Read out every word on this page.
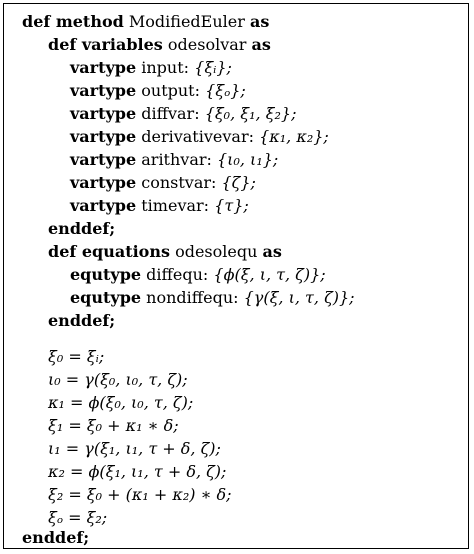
def method ModifiedEuler as
def variables odesolvar as
vartype input: {ξᵢ};
vartype output: {ξₒ};
vartype diffvar: {ξ₀, ξ₁, ξ₂};
vartype derivativevar: {κ₁, κ₂};
vartype arithvar: {ι₀, ι₁};
vartype constvar: {ζ};
vartype timevar: {τ};
enddef;
def equations odesolequ as
equtype diffequ: {ϕ(ξ, ι, τ, ζ)};
equtype nondiffequ: {γ(ξ, ι, τ, ζ)};
enddef;
ξ₀ = ξᵢ;
ι₀ = γ(ξ₀, ι₀, τ, ζ);
κ₁ = ϕ(ξ₀, ι₀, τ, ζ);
ξ₁ = ξ₀ + κ₁ ∗ δ;
ι₁ = γ(ξ₁, ι₁, τ + δ, ζ);
κ₂ = ϕ(ξ₁, ι₁, τ + δ, ζ);
ξ₂ = ξ₀ + (κ₁ + κ₂) ∗ δ;
ξₒ = ξ₂;
enddef;
